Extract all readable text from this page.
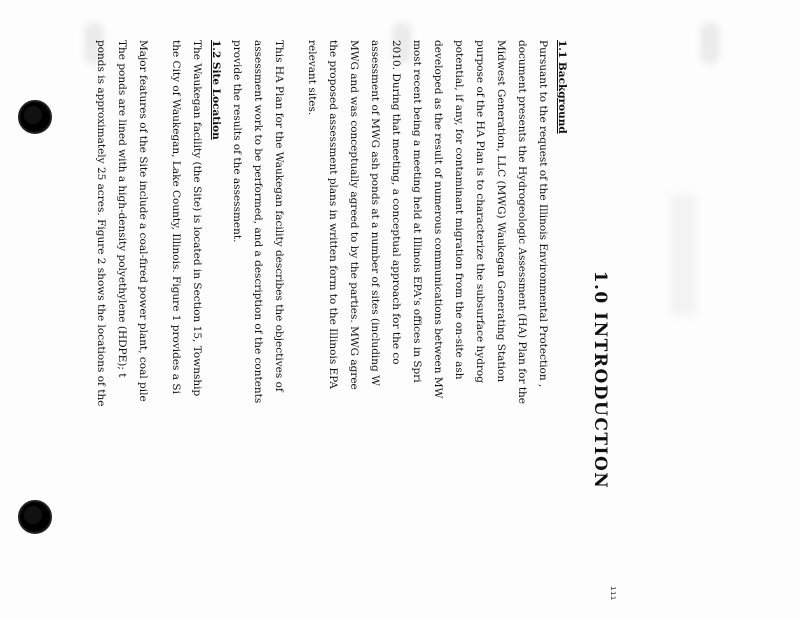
ııı
1.0 INTRODUCTION
1.1 Background
Pursuant to the request of the Illinois Environmental Protection ,
document presents the Hydrogeologic Assessment (HA) Plan for the
Midwest Generation, LLC (MWG) Waukegan Generating Station
purpose of the HA Plan is to characterize the subsurface hydrog
potential, if any, for contaminant migration from the on-site ash
developed as the result of numerous communications between MW
most recent being a meeting held at Illinois EPA's offices in Spri
2010. During that meeting, a conceptual approach for the co
assessment of MWG ash ponds at a number of sites (including W
MWG and was conceptually agreed to by the parties. MWG agree
the proposed assessment plans in written form to the Illinois EPA
relevant sites.
This HA Plan for the Waukegan facility describes the objectives of
assessment work to be performed, and a description of the contents
provide the results of the assessment.
1.2 Site Location
The Waukegan facility (the Site) is located in Section 15, Township
the City of Waukegan, Lake County, Illinois. Figure 1 provides a Si
Major features of the Site include a coal-fired power plant, coal pile
The ponds are lined with a high-density polyethylene (HDPE); t
ponds is approximately 25 acres. Figure 2 shows the locations of the
